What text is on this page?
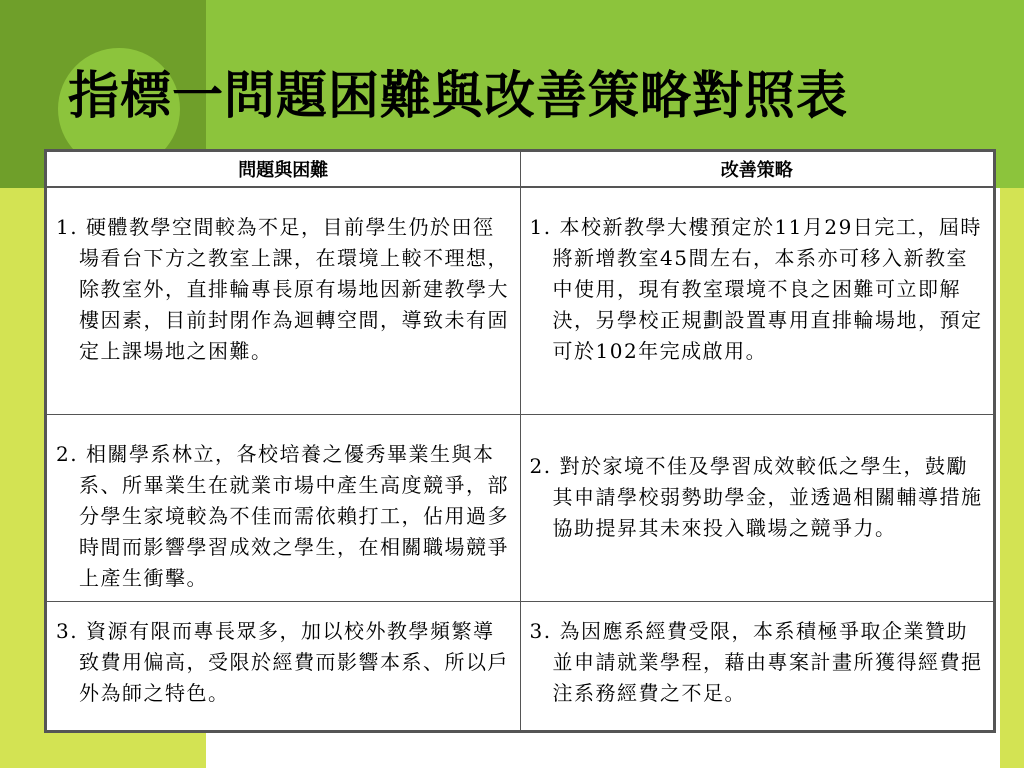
指標一問題困難與改善策略對照表
問題與困難	改善策略

1. 硬體教學空間較為不足，目前學生仍於田徑場看台下方之教室上課，在環境上較不理想，除教室外，直排輪專長原有場地因新建教學大樓因素，目前封閉作為迴轉空間，導致未有固定上課場地之困難。	1. 本校新教學大樓預定於11月29日完工，屆時將新增教室45間左右，本系亦可移入新教室中使用，現有教室環境不良之困難可立即解決，另學校正規劃設置專用直排輪場地，預定可於102年完成啟用。

2. 相關學系林立，各校培養之優秀畢業生與本系、所畢業生在就業市場中產生高度競爭，部分學生家境較為不佳而需依賴打工，佔用過多時間而影響學習成效之學生，在相關職場競爭上產生衝擊。	2. 對於家境不佳及學習成效較低之學生，鼓勵其申請學校弱勢助學金，並透過相關輔導措施協助提昇其未來投入職場之競爭力。

3. 資源有限而專長眾多，加以校外教學頻繁導致費用偏高，受限於經費而影響本系、所以戶外為師之特色。	3. 為因應系經費受限，本系積極爭取企業贊助並申請就業學程，藉由專案計畫所獲得經費挹注系務經費之不足。
